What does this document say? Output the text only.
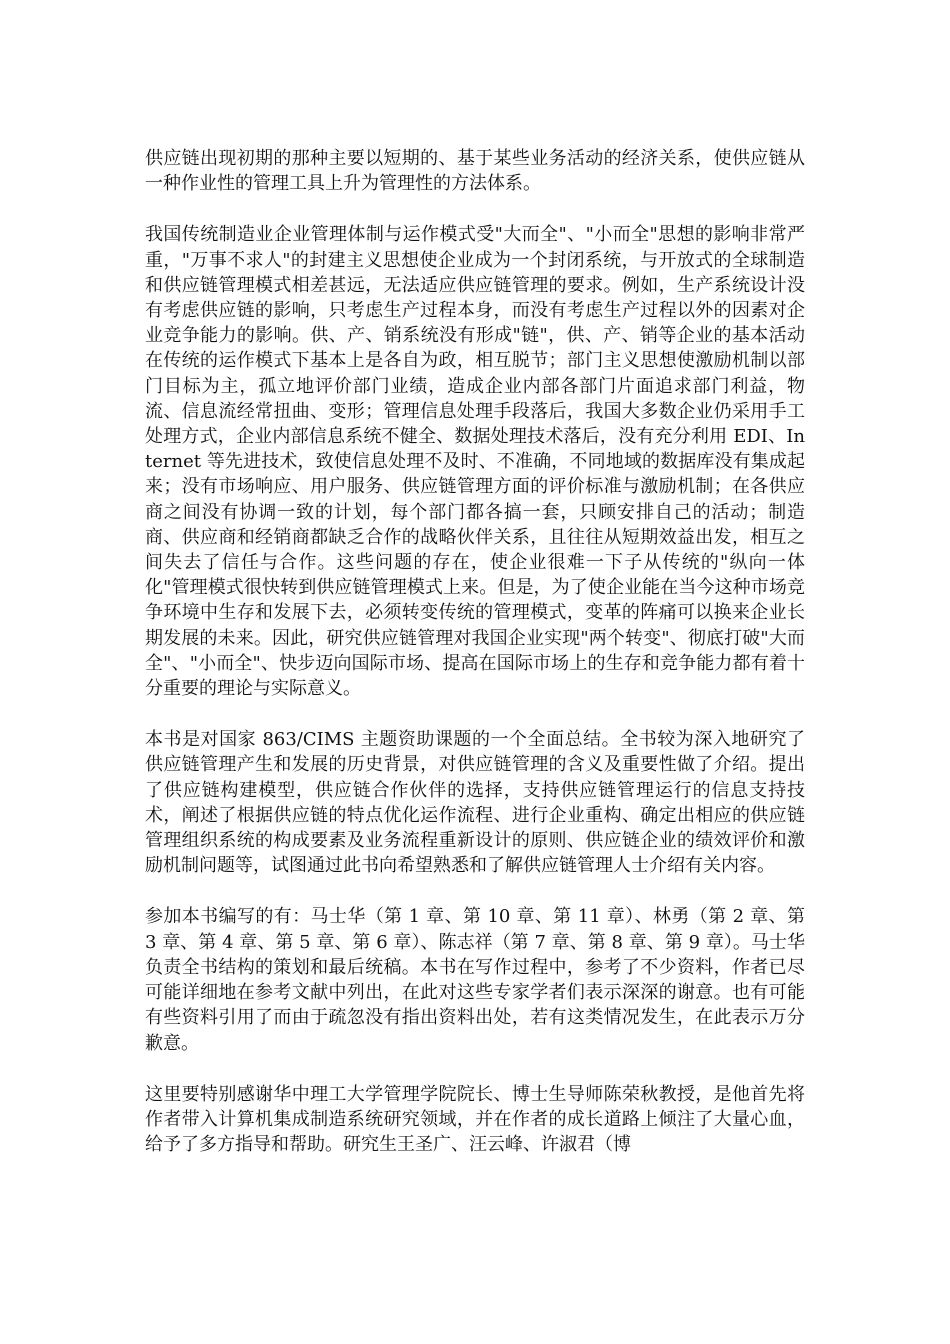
供应链出现初期的那种主要以短期的、基于某些业务活动的经济关系，使供应链从一种作业性的管理工具上升为管理性的方法体系。

我国传统制造业企业管理体制与运作模式受"大而全"、"小而全"思想的影响非常严重，"万事不求人"的封建主义思想使企业成为一个封闭系统，与开放式的全球制造和供应链管理模式相差甚远，无法适应供应链管理的要求。例如，生产系统设计没有考虑供应链的影响，只考虑生产过程本身，而没有考虑生产过程以外的因素对企业竞争能力的影响。供、产、销系统没有形成"链"，供、产、销等企业的基本活动在传统的运作模式下基本上是各自为政，相互脱节；部门主义思想使激励机制以部门目标为主，孤立地评价部门业绩，造成企业内部各部门片面追求部门利益，物流、信息流经常扭曲、变形；管理信息处理手段落后，我国大多数企业仍采用手工处理方式，企业内部信息系统不健全、数据处理技术落后，没有充分利用 EDI、Internet 等先进技术，致使信息处理不及时、不准确，不同地域的数据库没有集成起来；没有市场响应、用户服务、供应链管理方面的评价标准与激励机制；在各供应商之间没有协调一致的计划，每个部门都各搞一套，只顾安排自己的活动；制造商、供应商和经销商都缺乏合作的战略伙伴关系，且往往从短期效益出发，相互之间失去了信任与合作。这些问题的存在，使企业很难一下子从传统的"纵向一体化"管理模式很快转到供应链管理模式上来。但是，为了使企业能在当今这种市场竞争环境中生存和发展下去，必须转变传统的管理模式，变革的阵痛可以换来企业长期发展的未来。因此，研究供应链管理对我国企业实现"两个转变"、彻底打破"大而全"、"小而全"、快步迈向国际市场、提高在国际市场上的生存和竞争能力都有着十分重要的理论与实际意义。

本书是对国家 863/CIMS 主题资助课题的一个全面总结。全书较为深入地研究了供应链管理产生和发展的历史背景，对供应链管理的含义及重要性做了介绍。提出了供应链构建模型，供应链合作伙伴的选择，支持供应链管理运行的信息支持技术，阐述了根据供应链的特点优化运作流程、进行企业重构、确定出相应的供应链管理组织系统的构成要素及业务流程重新设计的原则、供应链企业的绩效评价和激励机制问题等，试图通过此书向希望熟悉和了解供应链管理人士介绍有关内容。

参加本书编写的有：马士华（第 1 章、第 10 章、第 11 章）、林勇（第 2 章、第 3 章、第 4 章、第 5 章、第 6 章）、陈志祥（第 7 章、第 8 章、第 9 章）。马士华负责全书结构的策划和最后统稿。本书在写作过程中，参考了不少资料，作者已尽可能详细地在参考文献中列出，在此对这些专家学者们表示深深的谢意。也有可能有些资料引用了而由于疏忽没有指出资料出处，若有这类情况发生，在此表示万分歉意。

这里要特别感谢华中理工大学管理学院院长、博士生导师陈荣秋教授，是他首先将作者带入计算机集成制造系统研究领域，并在作者的成长道路上倾注了大量心血，给予了多方指导和帮助。研究生王圣广、汪云峰、许淑君（博
